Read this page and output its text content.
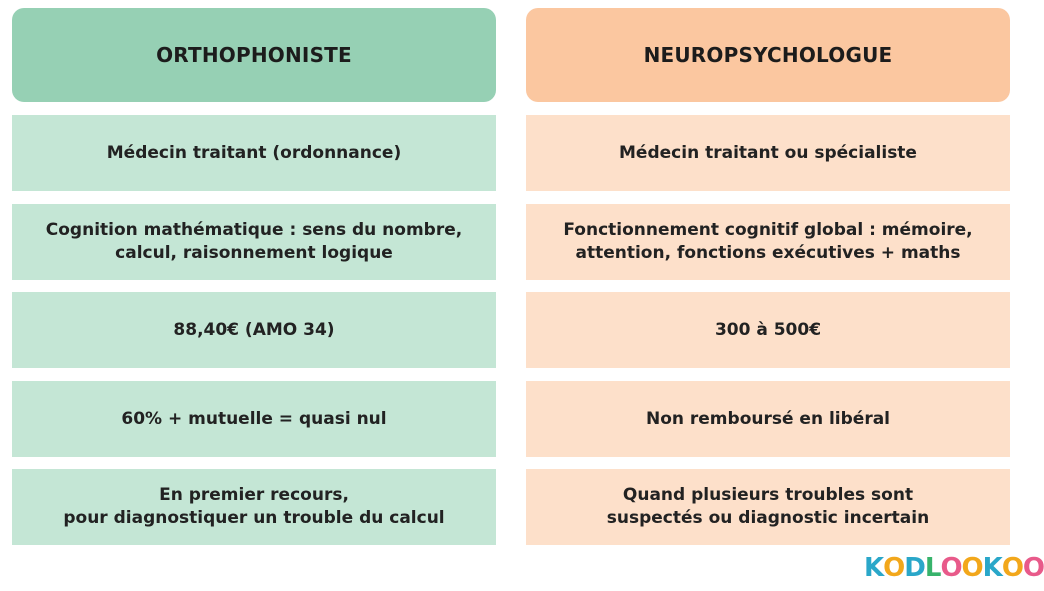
ORTHOPHONISTE
Médecin traitant (ordonnance)
Cognition mathématique : sens du nombre,
calcul, raisonnement logique
88,40€ (AMO 34)
60% + mutuelle = quasi nul
En premier recours,
pour diagnostiquer un trouble du calcul
NEUROPSYCHOLOGUE
Médecin traitant ou spécialiste
Fonctionnement cognitif global : mémoire,
attention, fonctions exécutives + maths
300 à 500€
Non remboursé en libéral
Quand plusieurs troubles sont
suspectés ou diagnostic incertain
K O D L O O K O O
